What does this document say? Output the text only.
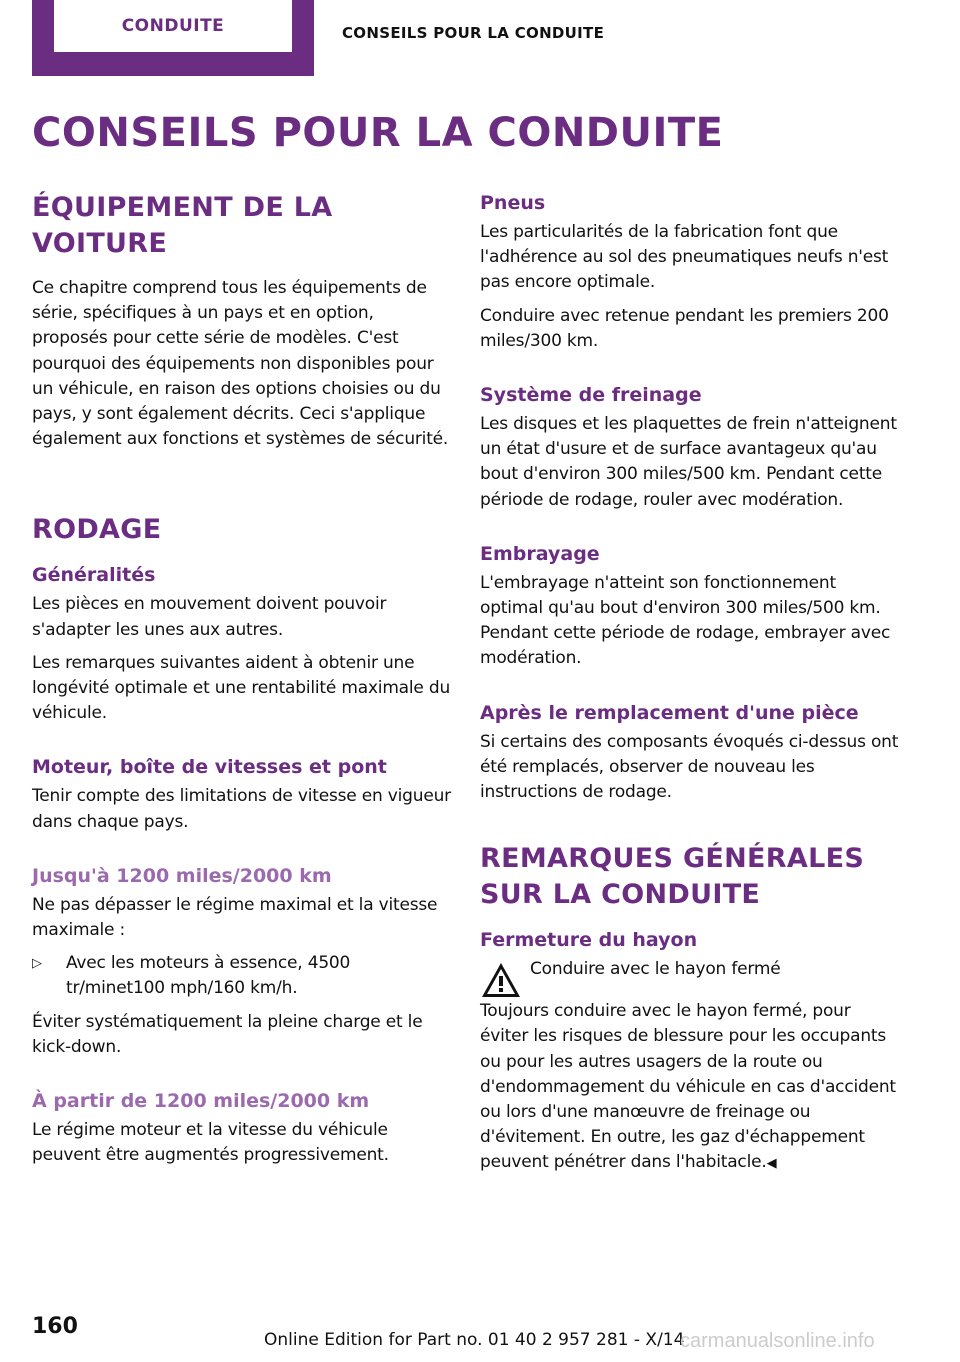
CONDUITE	CONSEILS POUR LA CONDUITE
CONSEILS POUR LA CONDUITE
ÉQUIPEMENT DE LA VOITURE

Ce chapitre comprend tous les équipements de série, spécifiques à un pays et en option, proposés pour cette série de modèles. C'est pourquoi des équipements non disponibles pour un véhicule, en raison des options choisies ou du pays, y sont également décrits. Ceci s'applique également aux fonctions et systèmes de sécurité.

RODAGE
Généralités

Les pièces en mouvement doivent pouvoir s'adapter les unes aux autres.

Les remarques suivantes aident à obtenir une longévité optimale et une rentabilité maximale du véhicule.

Moteur, boîte de vitesses et pont

Tenir compte des limitations de vitesse en vigueur dans chaque pays.

Jusqu'à 1200 miles/2000 km

Ne pas dépasser le régime maximal et la vitesse maximale :

▷	Avec les moteurs à essence, 4500 tr/minet100 mph/160 km/h.

Éviter systématiquement la pleine charge et le kick-down.

À partir de 1200 miles/2000 km

Le régime moteur et la vitesse du véhicule peuvent être augmentés progressivement.

Pneus

Les particularités de la fabrication font que l'adhérence au sol des pneumatiques neufs n'est pas encore optimale.

Conduire avec retenue pendant les premiers 200 miles/300 km.

Système de freinage

Les disques et les plaquettes de frein n'atteignent un état d'usure et de surface avantageux qu'au bout d'environ 300 miles/500 km. Pendant cette période de rodage, rouler avec modération.

Embrayage

L'embrayage n'atteint son fonctionnement optimal qu'au bout d'environ 300 miles/500 km. Pendant cette période de rodage, embrayer avec modération.

Après le remplacement d'une pièce

Si certains des composants évoqués ci-dessus ont été remplacés, observer de nouveau les instructions de rodage.

REMARQUES GÉNÉRALES SUR LA CONDUITE
Fermeture du hayon

Conduire avec le hayon fermé

Toujours conduire avec le hayon fermé, pour éviter les risques de blessure pour les occupants ou pour les autres usagers de la route ou d'endommagement du véhicule en cas d'accident ou lors d'une manœuvre de freinage ou d'évitement. En outre, les gaz d'échappement peuvent pénétrer dans l'habitacle.◀

160
Online Edition for Part no. 01 40 2 957 281 - X/14
carmanualsonline.info
